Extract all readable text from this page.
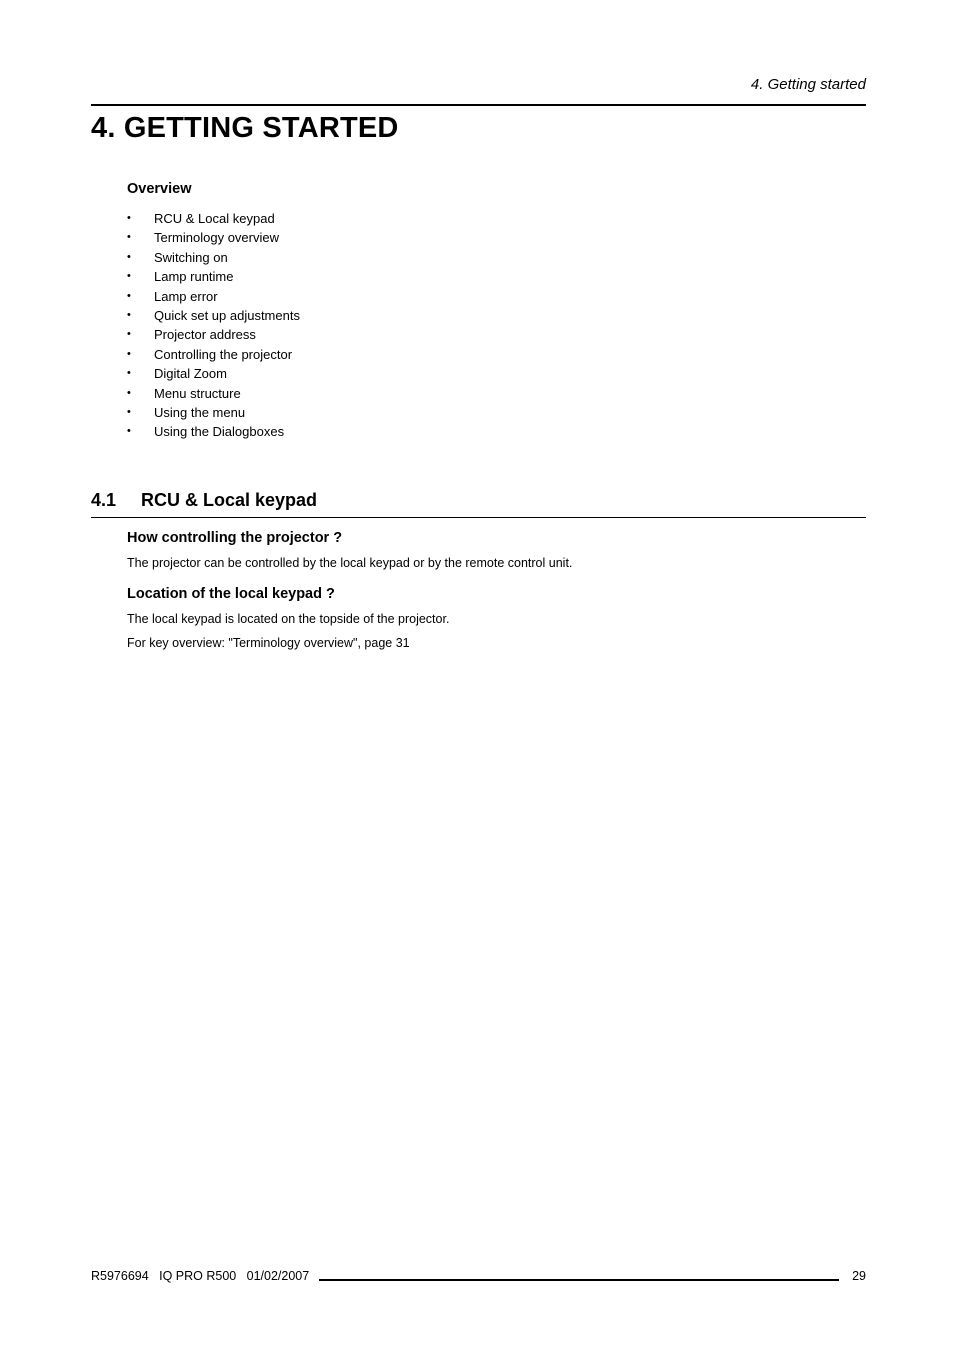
4. Getting started
4. GETTING STARTED
Overview
•	RCU & Local keypad
•	Terminology overview
•	Switching on
•	Lamp runtime
•	Lamp error
•	Quick set up adjustments
•	Projector address
•	Controlling the projector
•	Digital Zoom
•	Menu structure
•	Using the menu
•	Using the Dialogboxes
4.1 RCU & Local keypad
How controlling the projector ?

The projector can be controlled by the local keypad or by the remote control unit.

Location of the local keypad ?

The local keypad is located on the topside of the projector.

For key overview: "Terminology overview", page 31

R5976694   IQ PRO R500   01/02/2007	29
